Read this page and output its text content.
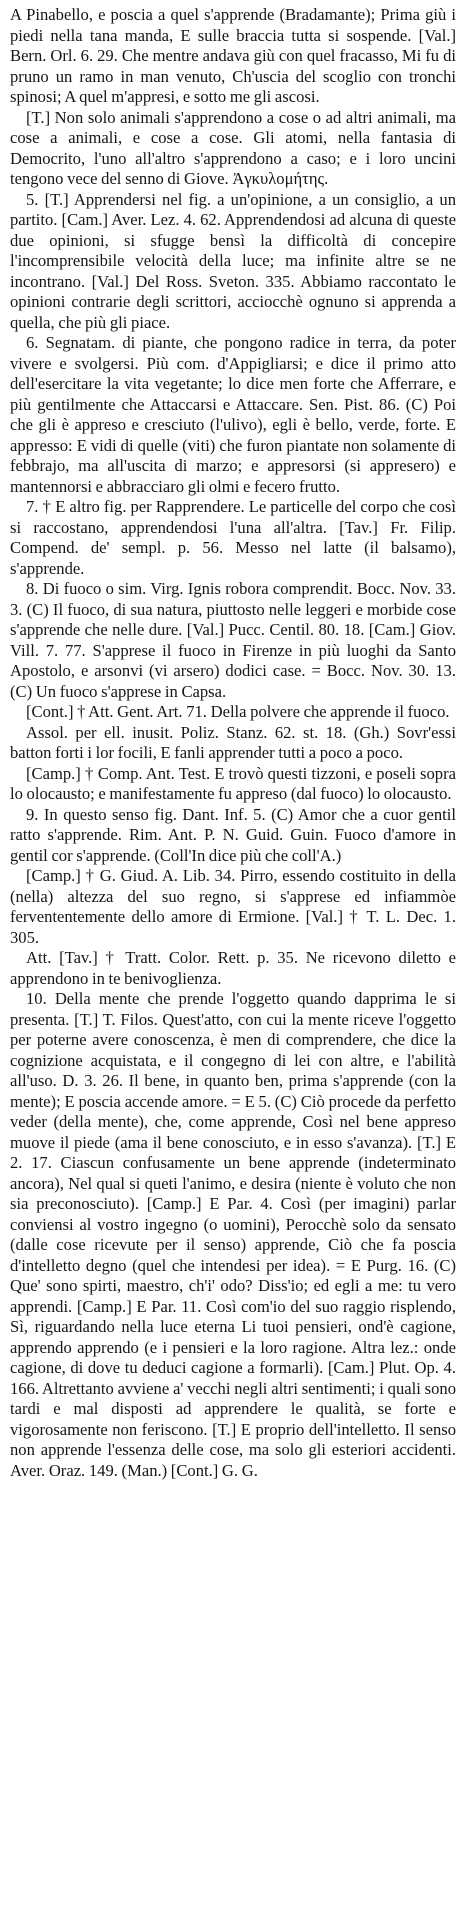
A Pinabello, e poscia a quel s'apprende (Bradamante); Prima giù i piedi nella tana manda, E sulle braccia tutta si sospende. [Val.] Bern. Orl. 6. 29. Che mentre andava giù con quel fracasso, Mi fu di pruno un ramo in man venuto, Ch'uscia del scoglio con tronchi spinosi; A quel m'appresi, e sotto me gli ascosi.

[T.] Non solo animali s'apprendono a cose o ad altri animali, ma cose a animali, e cose a cose. Gli atomi, nella fantasia di Democrito, l'uno all'altro s'apprendono a caso; e i loro uncini tengono vece del senno di Giove. Ἀγκυλομήτης.

5. [T.] Apprendersi nel fig. a un'opinione, a un consiglio, a un partito. [Cam.] Aver. Lez. 4. 62. Apprendendosi ad alcuna di queste due opinioni, si sfugge bensì la difficoltà di concepire l'incomprensibile velocità della luce; ma infinite altre se ne incontrano. [Val.] Del Ross. Sveton. 335. Abbiamo raccontato le opinioni contrarie degli scrittori, acciocchè ognuno si apprenda a quella, che più gli piace.

6. Segnatam. di piante, che pongono radice in terra, da poter vivere e svolgersi. Più com. d'Appigliarsi; e dice il primo atto dell'esercitare la vita vegetante; lo dice men forte che Afferrare, e più gentilmente che Attaccarsi e Attaccare. Sen. Pist. 86. (C) Poi che gli è appreso e cresciuto (l'ulivo), egli è bello, verde, forte. E appresso: E vidi di quelle (viti) che furon piantate non solamente di febbrajo, ma all'uscita di marzo; e appresorsi (si appresero) e mantennorsi e abbracciaro gli olmi e fecero frutto.

7. † E altro fig. per Rapprendere. Le particelle del corpo che così si raccostano, apprendendosi l'una all'altra. [Tav.] Fr. Filip. Compend. de' sempl. p. 56. Messo nel latte (il balsamo), s'apprende.

8. Di fuoco o sim. Virg. Ignis robora comprendit. Bocc. Nov. 33. 3. (C) Il fuoco, di sua natura, piuttosto nelle leggeri e morbide cose s'apprende che nelle dure. [Val.] Pucc. Centil. 80. 18. [Cam.] Giov. Vill. 7. 77. S'apprese il fuoco in Firenze in più luoghi da Santo Apostolo, e arsonvi (vi arsero) dodici case. = Bocc. Nov. 30. 13. (C) Un fuoco s'apprese in Capsa.

[Cont.] † Att. Gent. Art. 71. Della polvere che apprende il fuoco.

Assol. per ell. inusit. Poliz. Stanz. 62. st. 18. (Gh.) Sovr'essi batton forti i lor focili, E fanli apprender tutti a poco a poco.

[Camp.] † Comp. Ant. Test. E trovò questi tizzoni, e poseli sopra lo olocausto; e manifestamente fu appreso (dal fuoco) lo olocausto.

9. In questo senso fig. Dant. Inf. 5. (C) Amor che a cuor gentil ratto s'apprende. Rim. Ant. P. N. Guid. Guin. Fuoco d'amore in gentil cor s'apprende. (Coll'In dice più che coll'A.)

[Camp.] † G. Giud. A. Lib. 34. Pirro, essendo costituito in della (nella) altezza del suo regno, si s'apprese ed infiammòe fervententemente dello amore di Ermione. [Val.] † T. L. Dec. 1. 305.

Att. [Tav.] † Tratt. Color. Rett. p. 35. Ne ricevono diletto e apprendono in te benivoglienza.

10. Della mente che prende l'oggetto quando dapprima le si presenta. [T.] T. Filos. Quest'atto, con cui la mente riceve l'oggetto per poterne avere conoscenza, è men di comprendere, che dice la cognizione acquistata, e il congegno di lei con altre, e l'abilità all'uso. D. 3. 26. Il bene, in quanto ben, prima s'apprende (con la mente); E poscia accende amore. = E 5. (C) Ciò procede da perfetto veder (della mente), che, come apprende, Così nel bene appreso muove il piede (ama il bene conosciuto, e in esso s'avanza). [T.] E 2. 17. Ciascun confusamente un bene apprende (indeterminato ancora), Nel qual si queti l'animo, e desira (niente è voluto che non sia preconosciuto). [Camp.] E Par. 4. Così (per imagini) parlar conviensi al vostro ingegno (o uomini), Perocchè solo da sensato (dalle cose ricevute per il senso) apprende, Ciò che fa poscia d'intelletto degno (quel che intendesi per idea). = E Purg. 16. (C) Que' sono spirti, maestro, ch'i' odo? Diss'io; ed egli a me: tu vero apprendi. [Camp.] E Par. 11. Così com'io del suo raggio risplendo, Sì, riguardando nella luce eterna Li tuoi pensieri, ond'è cagione, apprendo apprendo (e i pensieri e la loro ragione. Altra lez.: onde cagione, di dove tu deduci cagione a formarli). [Cam.] Plut. Op. 4. 166. Altrettanto avviene a' vecchi negli altri sentimenti; i quali sono tardi e mal disposti ad apprendere le qualità, se forte e vigorosamente non feriscono. [T.] E proprio dell'intelletto. Il senso non apprende l'essenza delle cose, ma solo gli esteriori accidenti. Aver. Oraz. 149. (Man.) [Cont.] G. G.
